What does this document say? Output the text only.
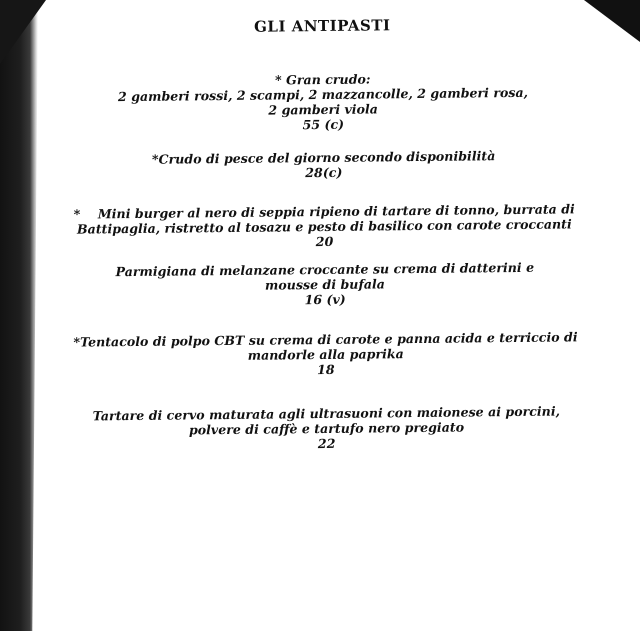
GLI ANTIPASTI
* Gran crudo:
2 gamberi rossi, 2 scampi, 2 mazzancolle, 2 gamberi rosa,
2 gamberi viola
55 (c)
*Crudo di pesce del giorno secondo disponibilità
28(c)
*    Mini burger al nero di seppia ripieno di tartare di tonno, burrata di
Battipaglia, ristretto al tosazu e pesto di basilico con carote croccanti
20
Parmigiana di melanzane croccante su crema di datterini e
mousse di bufala
16 (v)
*Tentacolo di polpo CBT su crema di carote e panna acida e terriccio di
mandorle alla paprika
18
Tartare di cervo maturata agli ultrasuoni con maionese ai porcini,
polvere di caffè e tartufo nero pregiato
22
